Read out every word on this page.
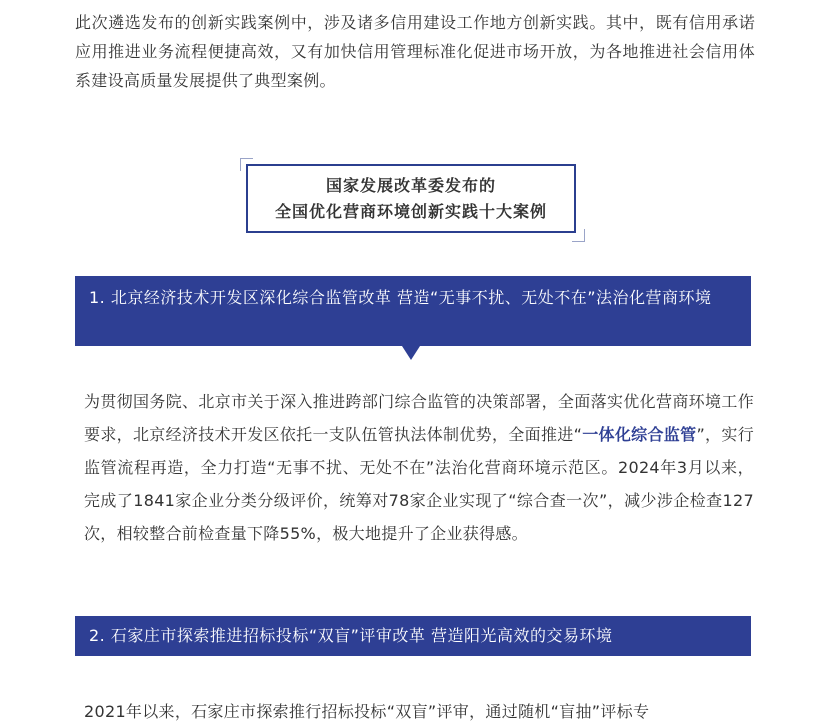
此次遴选发布的创新实践案例中，涉及诸多信用建设工作地方创新实践。其中，既有信用承诺应用推进业务流程便捷高效，又有加快信用管理标准化促进市场开放，为各地推进社会信用体系建设高质量发展提供了典型案例。

国家发展改革委发布的
全国优化营商环境创新实践十大案例
1. 北京经济技术开发区深化综合监管改革 营造“无事不扰、无处不在”法治化营商环境

为贯彻国务院、北京市关于深入推进跨部门综合监管的决策部署，全面落实优化营商环境工作要求，北京经济技术开发区依托一支队伍管执法体制优势，全面推进“一体化综合监管”，实行监管流程再造，全力打造“无事不扰、无处不在”法治化营商环境示范区。2024年3月以来，完成了1841家企业分类分级评价，统筹对78家企业实现了“综合查一次”，减少涉企检查127次，相较整合前检查量下降55%，极大地提升了企业获得感。

2. 石家庄市探索推进招标投标“双盲”评审改革 营造阳光高效的交易环境

2021年以来，石家庄市探索推行招标投标“双盲”评审，通过随机“盲抽”评标专
